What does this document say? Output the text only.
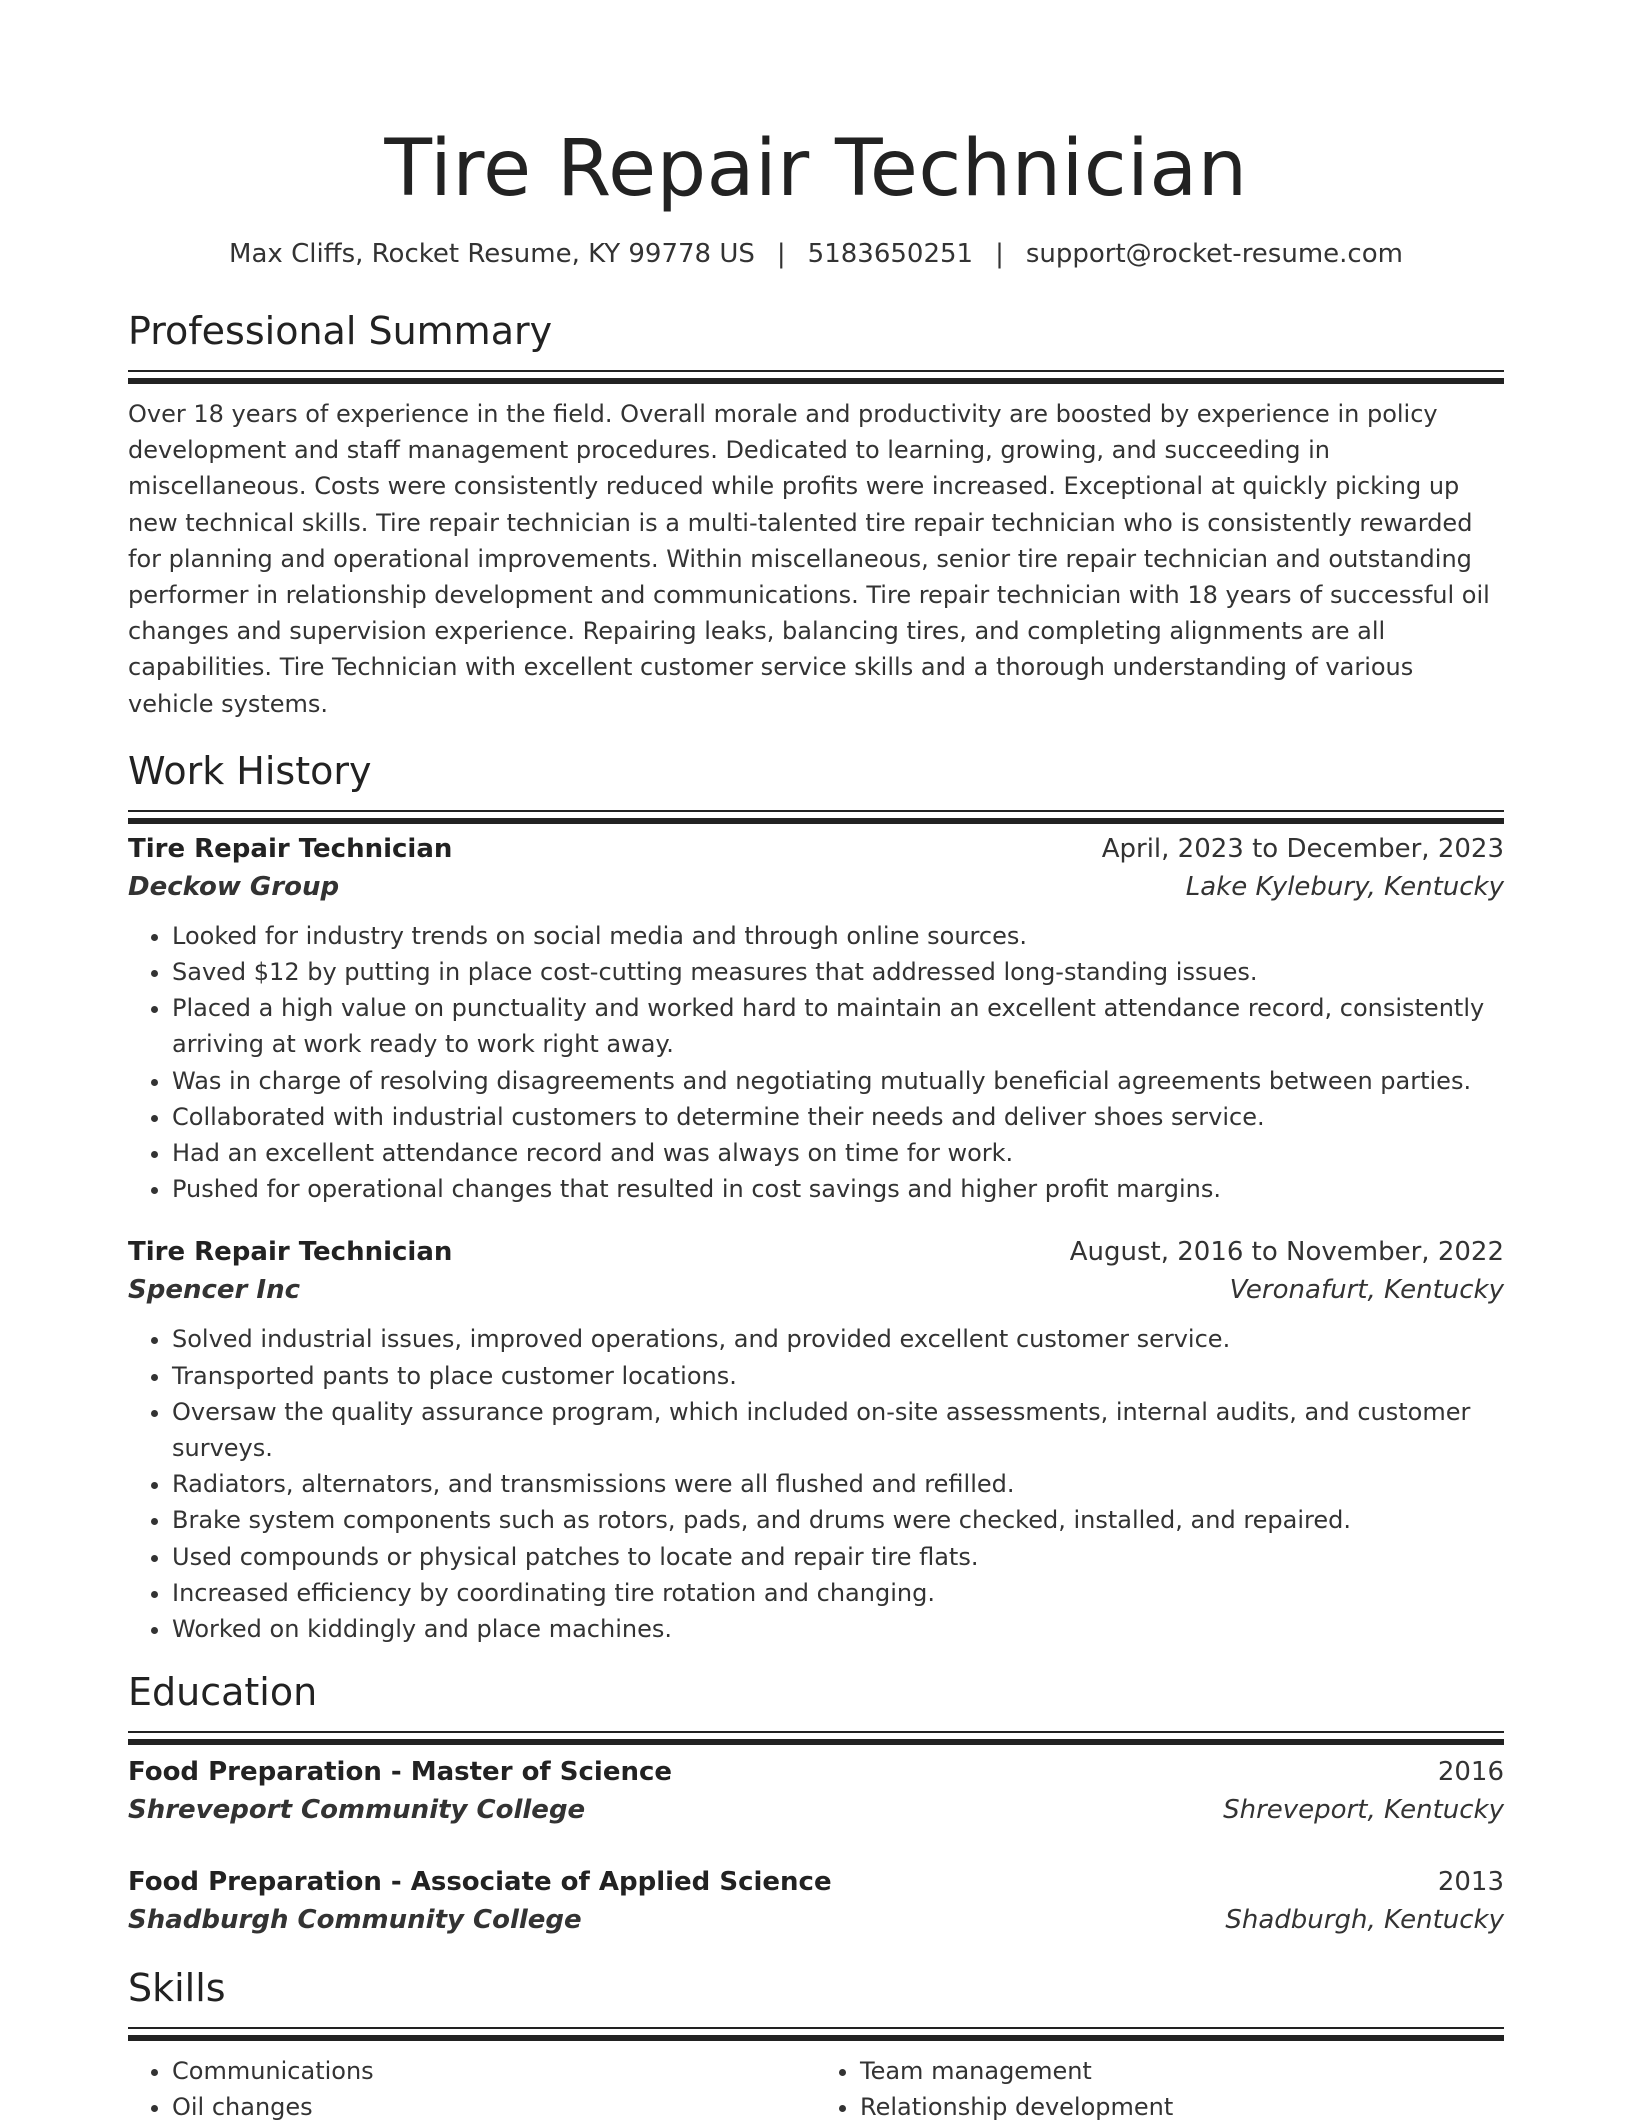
Tire Repair Technician
Max Cliffs, Rocket Resume, KY 99778 US | 5183650251 | support@rocket-resume.com
Professional Summary
Over 18 years of experience in the field. Overall morale and productivity are boosted by experience in policy development and staff management procedures. Dedicated to learning, growing, and succeeding in miscellaneous. Costs were consistently reduced while profits were increased. Exceptional at quickly picking up new technical skills. Tire repair technician is a multi-talented tire repair technician who is consistently rewarded for planning and operational improvements. Within miscellaneous, senior tire repair technician and outstanding performer in relationship development and communications. Tire repair technician with 18 years of successful oil changes and supervision experience. Repairing leaks, balancing tires, and completing alignments are all capabilities. Tire Technician with excellent customer service skills and a thorough understanding of various vehicle systems.
Work History
Tire Repair Technician	April, 2023 to December, 2023
Deckow Group	Lake Kylebury, Kentucky
• Looked for industry trends on social media and through online sources.
• Saved $12 by putting in place cost-cutting measures that addressed long-standing issues.
• Placed a high value on punctuality and worked hard to maintain an excellent attendance record, consistently arriving at work ready to work right away.
• Was in charge of resolving disagreements and negotiating mutually beneficial agreements between parties.
• Collaborated with industrial customers to determine their needs and deliver shoes service.
• Had an excellent attendance record and was always on time for work.
• Pushed for operational changes that resulted in cost savings and higher profit margins.
Tire Repair Technician	August, 2016 to November, 2022
Spencer Inc	Veronafurt, Kentucky
• Solved industrial issues, improved operations, and provided excellent customer service.
• Transported pants to place customer locations.
• Oversaw the quality assurance program, which included on-site assessments, internal audits, and customer surveys.
• Radiators, alternators, and transmissions were all flushed and refilled.
• Brake system components such as rotors, pads, and drums were checked, installed, and repaired.
• Used compounds or physical patches to locate and repair tire flats.
• Increased efficiency by coordinating tire rotation and changing.
• Worked on kiddingly and place machines.
Education
Food Preparation - Master of Science	2016
Shreveport Community College	Shreveport, Kentucky
Food Preparation - Associate of Applied Science	2013
Shadburgh Community College	Shadburgh, Kentucky
Skills
• Communications
• Oil changes
• Team management
• Relationship development
